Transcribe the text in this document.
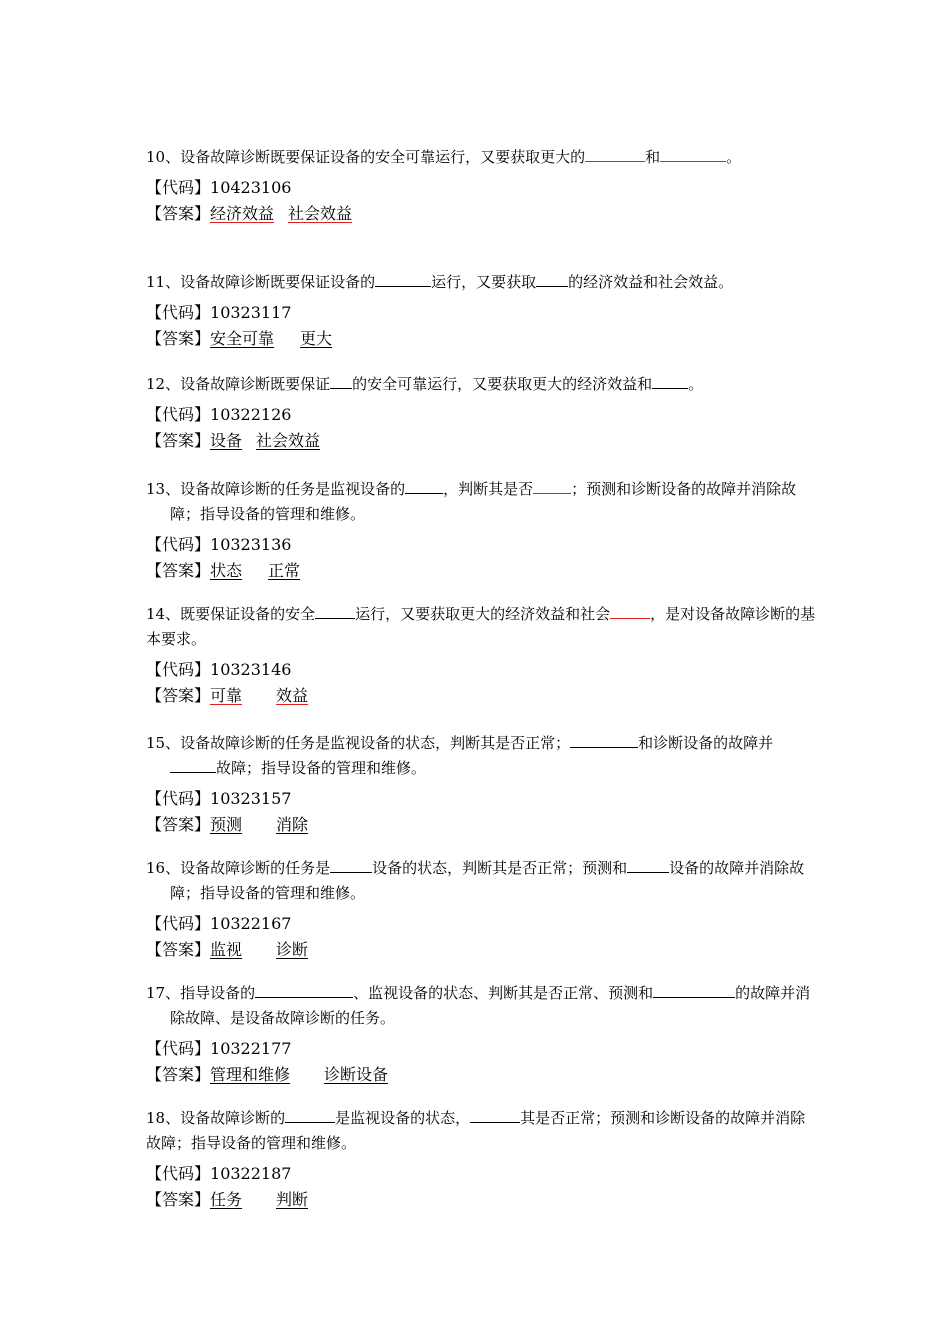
10、设备故障诊断既要保证设备的安全可靠运行，又要获取更大的	和	。

【代码】10423106

【答案】经济效益 社会效益

11、设备故障诊断既要保证设备的	运行，又要获取 的经济效益和社会效益。

【代码】10323117

【答案】安全可靠 更大

12、设备故障诊断既要保证 的安全可靠运行，又要获取更大的经济效益和 。

【代码】10322126

【答案】设备 社会效益

13、设备故障诊断的任务是监视设备的	，判断其是否	；预测和诊断设备的故障并消除故障；指导设备的管理和维修。

【代码】10323136

【答案】状态 正常

14、既要保证设备的安全	运行，又要获取更大的经济效益和社会	，是对设备故障诊断的基本要求。

【代码】10323146

【答案】可靠 效益

15、设备故障诊断的任务是监视设备的状态，判断其是否正常；	和诊断设备的故障并故障；指导设备的管理和维修。

【代码】10323157

【答案】预测 消除

16、设备故障诊断的任务是	设备的状态，判断其是否正常；预测和	设备的故障并消除故障；指导设备的管理和维修。

【代码】10322167

【答案】监视 诊断

17、指导设备的	、监视设备的状态、判断其是否正常、预测和	的故障并消除故障、是设备故障诊断的任务。

【代码】10322177

【答案】管理和维修 诊断设备

18、设备故障诊断的	是监视设备的状态，	其是否正常；预测和诊断设备的故障并消除故障；指导设备的管理和维修。

【代码】10322187

【答案】任务 判断
